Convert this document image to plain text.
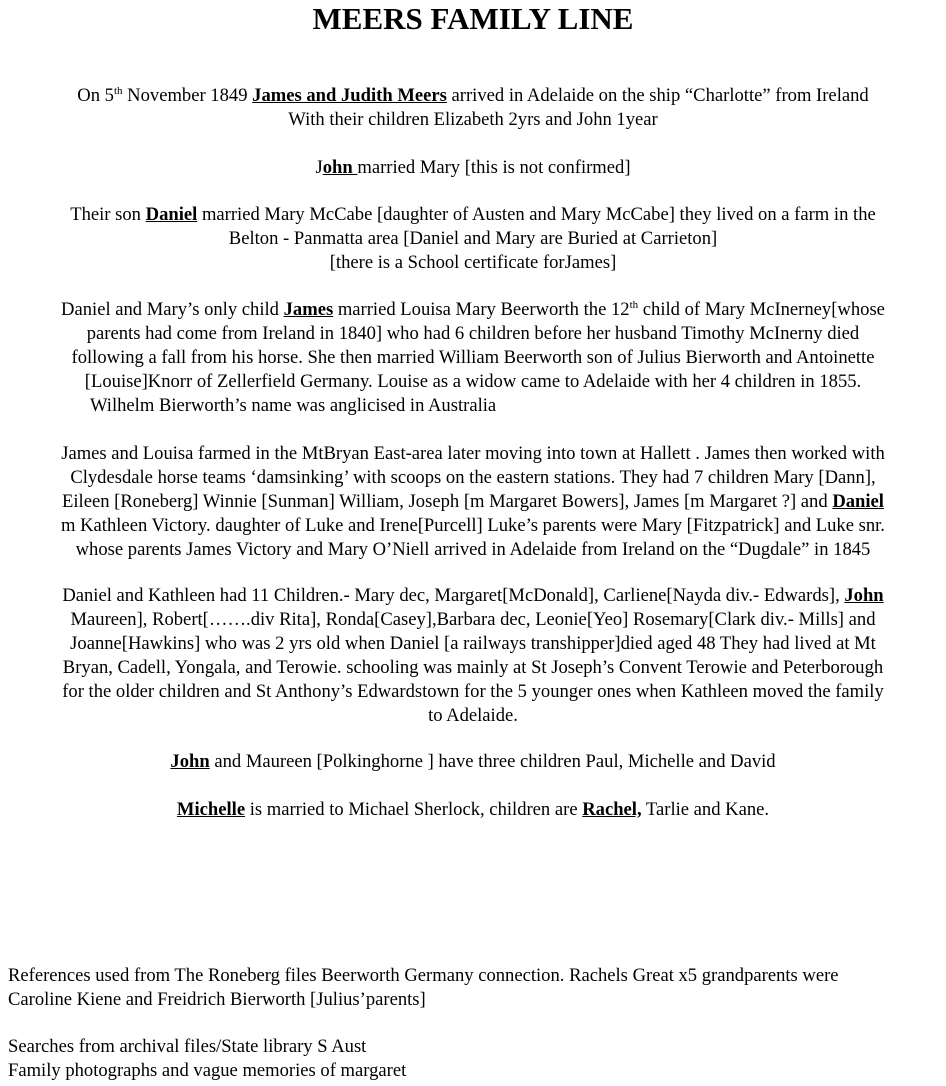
MEERS FAMILY LINE
On 5th November 1849 James and Judith Meers arrived in Adelaide on the ship “Charlotte” from Ireland
With their children Elizabeth 2yrs and John 1year
John married Mary [this is not confirmed]
Their son Daniel married Mary McCabe [daughter of Austen and Mary McCabe] they lived on a farm in the
Belton - Panmatta area [Daniel and Mary are Buried at Carrieton]
[there is a School certificate forJames]
Daniel and Mary’s only child James married Louisa Mary Beerworth the 12th child of Mary McInerney[whose
parents had come from Ireland in 1840] who had 6 children before her husband Timothy McInerny died
following a fall from his horse. She then married William Beerworth son of Julius Bierworth and Antoinette
[Louise]Knorr of Zellerfield Germany. Louise as a widow came to Adelaide with her 4 children in 1855.
Wilhelm Bierworth’s name was anglicised in Australia
James and Louisa farmed in the MtBryan East-area later moving into town at Hallett . James then worked with
Clydesdale horse teams ‘damsinking’ with scoops on the eastern stations. They had 7 children Mary [Dann],
Eileen [Roneberg] Winnie [Sunman] William, Joseph [m Margaret Bowers], James [m Margaret ?] and Daniel
m Kathleen Victory. daughter of Luke and Irene[Purcell] Luke’s parents were Mary [Fitzpatrick] and Luke snr.
whose parents James Victory and Mary O’Niell arrived in Adelaide from Ireland on the “Dugdale” in 1845
Daniel and Kathleen had 11 Children.- Mary dec, Margaret[McDonald], Carliene[Nayda div.- Edwards], John
Maureen], Robert[…….div Rita], Ronda[Casey],Barbara dec, Leonie[Yeo] Rosemary[Clark div.- Mills] and
Joanne[Hawkins] who was 2 yrs old when Daniel [a railways transhipper]died aged 48 They had lived at Mt
Bryan, Cadell, Yongala, and Terowie. schooling was mainly at St Joseph’s Convent Terowie and Peterborough
for the older children and St Anthony’s Edwardstown for the 5 younger ones when Kathleen moved the family
to Adelaide.
John and Maureen [Polkinghorne ] have three children Paul, Michelle and David
Michelle is married to Michael Sherlock, children are Rachel, Tarlie and Kane.
References used from The Roneberg files Beerworth Germany connection. Rachels Great x5 grandparents were
Caroline Kiene and Freidrich Bierworth [Julius’parents]
Searches from archival files/State library S Aust
Family photographs and vague memories of margaret
